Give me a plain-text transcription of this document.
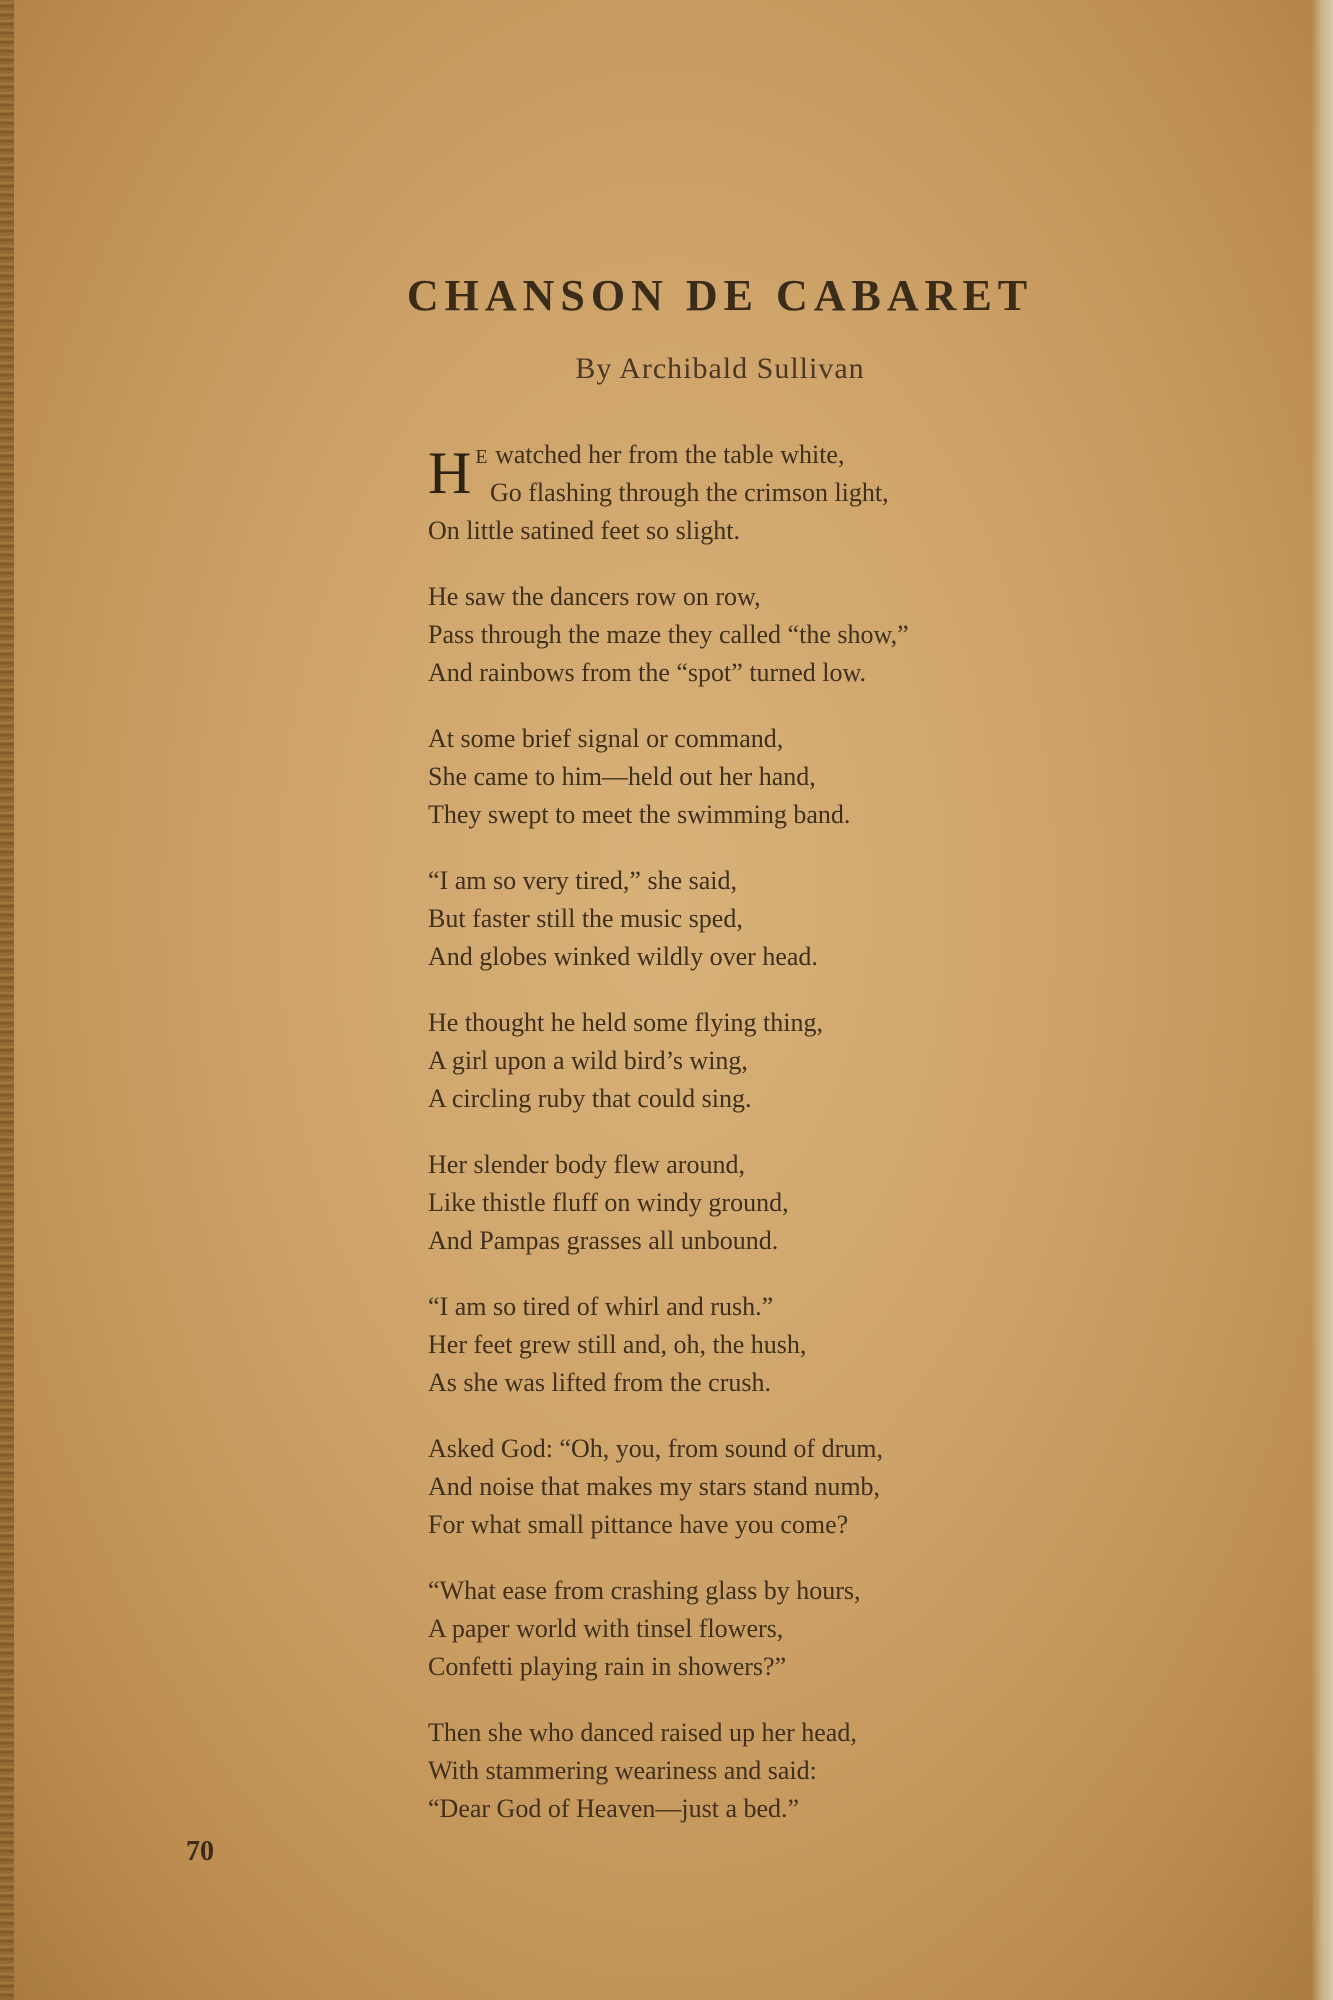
CHANSON DE CABARET

By Archibald Sullivan

H E watched her from the table white,
Go flashing through the crimson light,
On little satined feet so slight.
He saw the dancers row on row,
Pass through the maze they called “the show,”
And rainbows from the “spot” turned low.
At some brief signal or command,
She came to him—held out her hand,
They swept to meet the swimming band.
“I am so very tired,” she said,
But faster still the music sped,
And globes winked wildly over head.
He thought he held some flying thing,
A girl upon a wild bird’s wing,
A circling ruby that could sing.
Her slender body flew around,
Like thistle fluff on windy ground,
And Pampas grasses all unbound.
“I am so tired of whirl and rush.”
Her feet grew still and, oh, the hush,
As she was lifted from the crush.
Asked God: “Oh, you, from sound of drum,
And noise that makes my stars stand numb,
For what small pittance have you come?
“What ease from crashing glass by hours,
A paper world with tinsel flowers,
Confetti playing rain in showers?”
Then she who danced raised up her head,
With stammering weariness and said:
“Dear God of Heaven—just a bed.”
70
